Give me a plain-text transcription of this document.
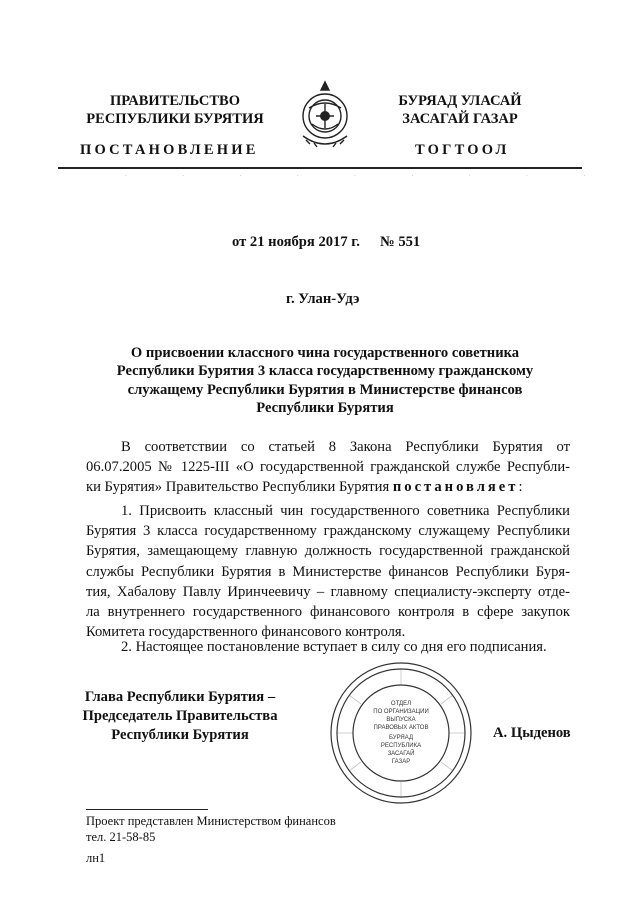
ПРАВИТЕЛЬСТВО
РЕСПУБЛИКИ БУРЯТИЯ
БУРЯАД УЛАСАЙ
ЗАСАГАЙ ГАЗАР
ПОСТАНОВЛЕНИЕ	ТОГТООЛ
.	.	.	.	.	.	.	.	.
от 21 ноября 2017 г. № 551
г. Улан-Удэ
О присвоении классного чина государственного советника
Республики Бурятия 3 класса государственному гражданскому
служащему Республики Бурятия в Министерстве финансов
Республики Бурятия
В соответствии со статьей 8 Закона Республики Бурятия от
06.07.2005 № 1225-III «О государственной гражданской службе Республи-
ки Бурятия» Правительство Республики Бурятия постановляет:
1. Присвоить классный чин государственного советника Республики
Бурятия 3 класса государственному гражданскому служащему Республики
Бурятия, замещающему главную должность государственной гражданской
службы Республики Бурятия в Министерстве финансов Республики Буря-
тия, Хабалову Павлу Иринчеевичу – главному специалисту-эксперту отде-
ла внутреннего государственного финансового контроля в сфере закупок
Комитета государственного финансового контроля.
2. Настоящее постановление вступает в силу со дня его подписания.
Глава Республики Бурятия –
Председатель Правительства
Республики Бурятия	А. Цыденов
ОТДЕЛ
ПО ОРГАНИЗАЦИИ
ВЫПУСКА
ПРАВОВЫХ АКТОВ
БУРЯАД
РЕСПУБЛИКА
ЗАСАГАЙ
ГАЗАР
Проект представлен Министерством финансов
тел. 21-58-85
лн1
